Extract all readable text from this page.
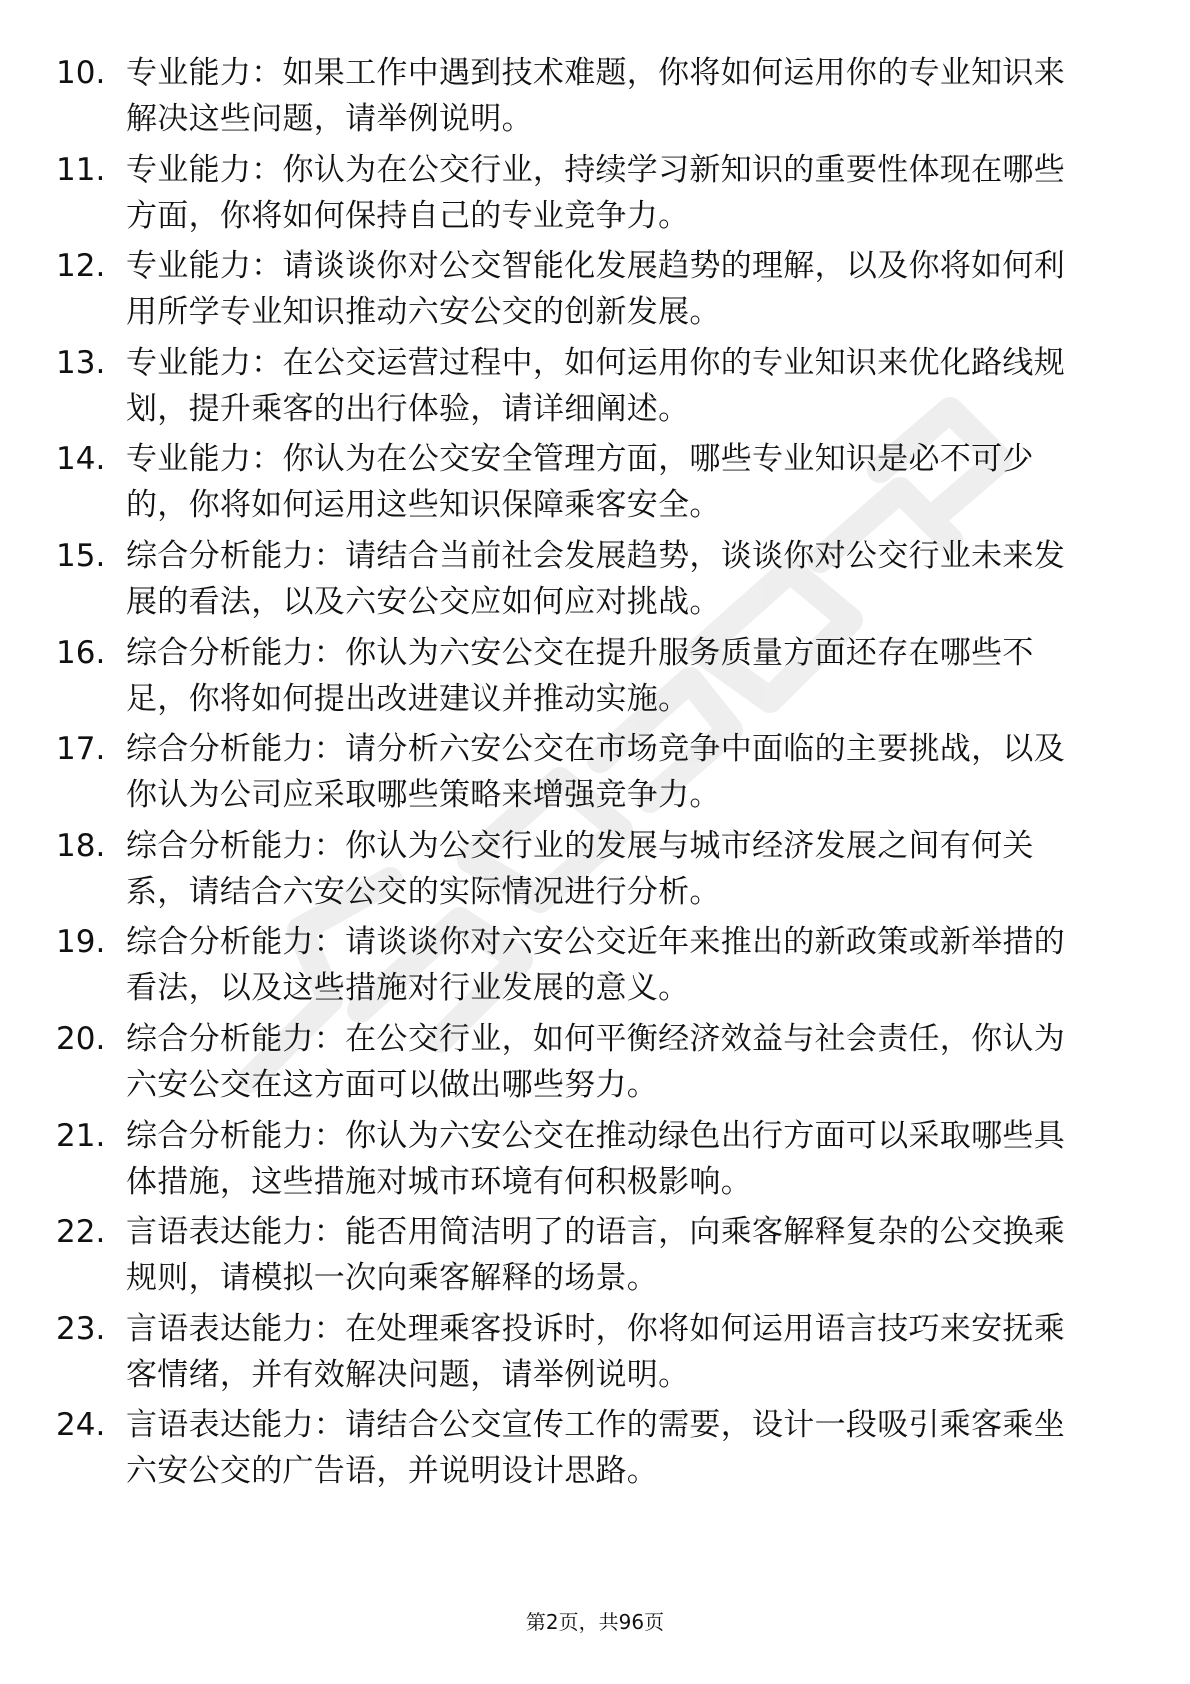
10. 专业能力：如果工作中遇到技术难题，你将如何运用你的专业知识来解决这些问题，请举例说明。
11. 专业能力：你认为在公交行业，持续学习新知识的重要性体现在哪些方面，你将如何保持自己的专业竞争力。
12. 专业能力：请谈谈你对公交智能化发展趋势的理解，以及你将如何利用所学专业知识推动六安公交的创新发展。
13. 专业能力：在公交运营过程中，如何运用你的专业知识来优化路线规划，提升乘客的出行体验，请详细阐述。
14. 专业能力：你认为在公交安全管理方面，哪些专业知识是必不可少的，你将如何运用这些知识保障乘客安全。
15. 综合分析能力：请结合当前社会发展趋势，谈谈你对公交行业未来发展的看法，以及六安公交应如何应对挑战。
16. 综合分析能力：你认为六安公交在提升服务质量方面还存在哪些不足，你将如何提出改进建议并推动实施。
17. 综合分析能力：请分析六安公交在市场竞争中面临的主要挑战，以及你认为公司应采取哪些策略来增强竞争力。
18. 综合分析能力：你认为公交行业的发展与城市经济发展之间有何关系，请结合六安公交的实际情况进行分析。
19. 综合分析能力：请谈谈你对六安公交近年来推出的新政策或新举措的看法，以及这些措施对行业发展的意义。
20. 综合分析能力：在公交行业，如何平衡经济效益与社会责任，你认为六安公交在这方面可以做出哪些努力。
21. 综合分析能力：你认为六安公交在推动绿色出行方面可以采取哪些具体措施，这些措施对城市环境有何积极影响。
22. 言语表达能力：能否用简洁明了的语言，向乘客解释复杂的公交换乘规则，请模拟一次向乘客解释的场景。
23. 言语表达能力：在处理乘客投诉时，你将如何运用语言技巧来安抚乘客情绪，并有效解决问题，请举例说明。
24. 言语表达能力：请结合公交宣传工作的需要，设计一段吸引乘客乘坐六安公交的广告语，并说明设计思路。
第2页，共96页
